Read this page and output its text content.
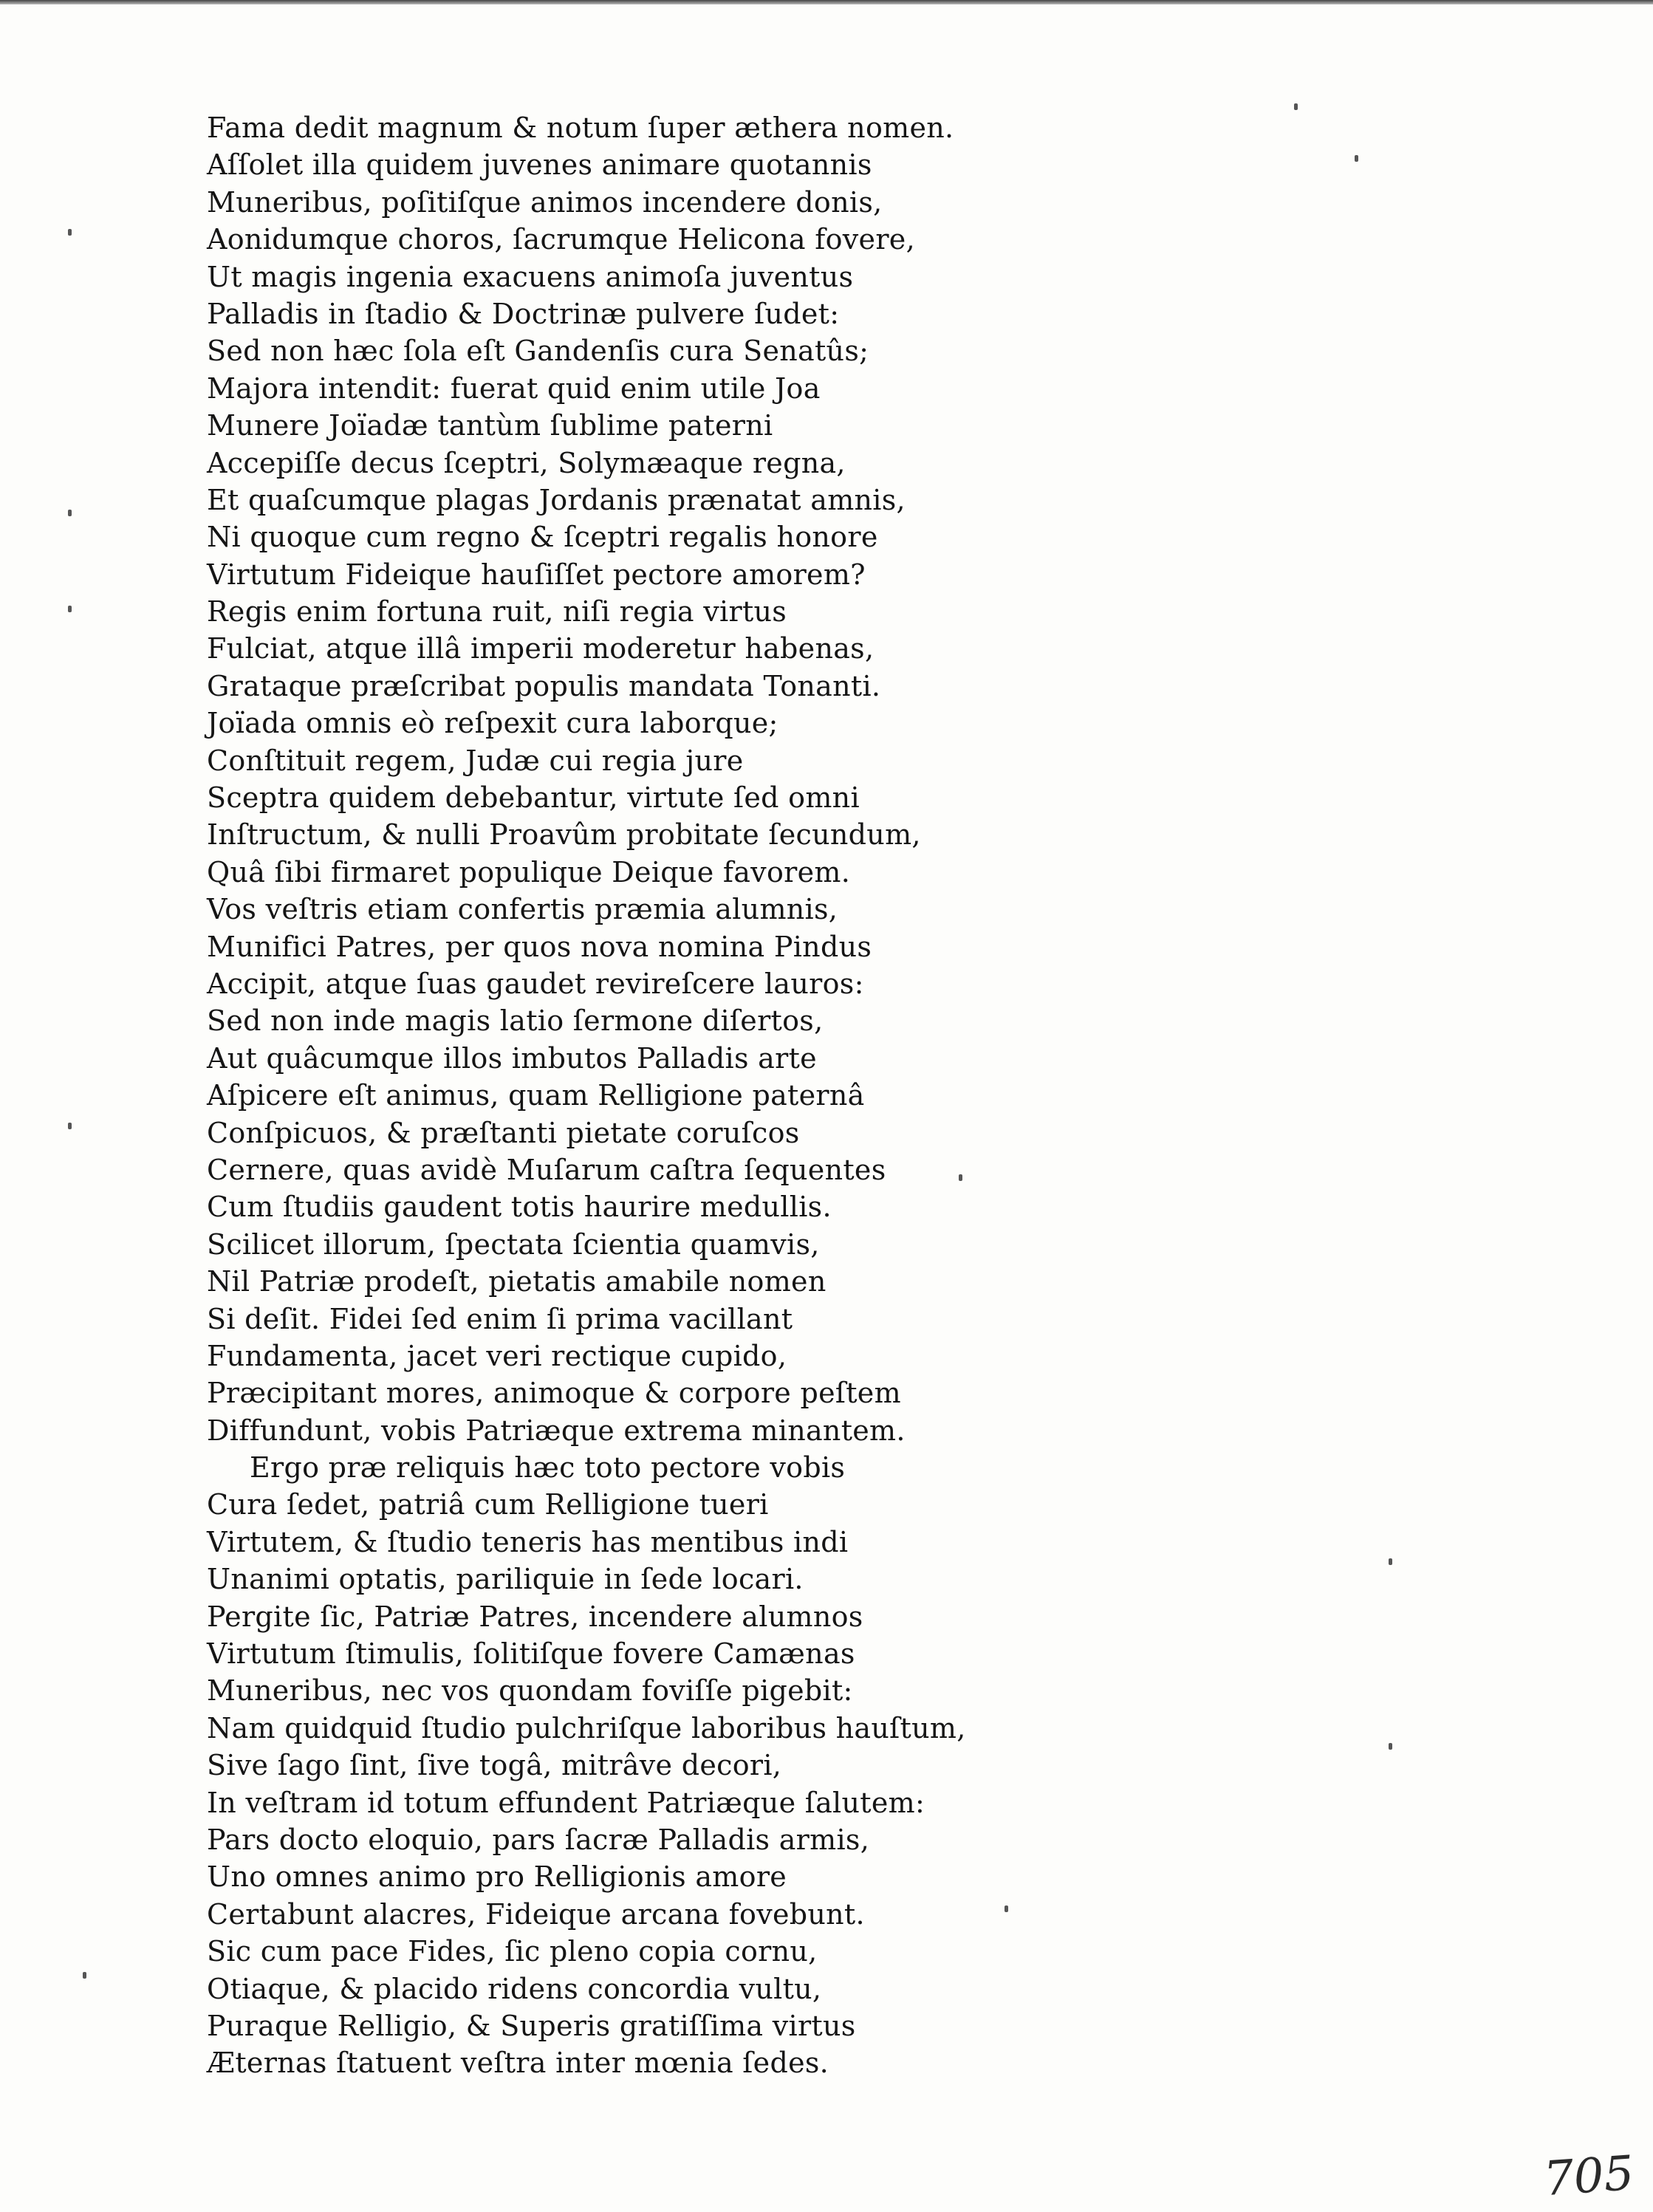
Fama dedit magnum & notum ſuper æthera nomen.
Aſſolet illa quidem juvenes animare quotannis
Muneribus, poſitiſque animos incendere donis,
Aonidumque choros, ſacrumque Helicona fovere,
Ut magis ingenia exacuens animoſa juventus
Palladis in ſtadio & Doctrinæ pulvere ſudet:
Sed non hæc ſola eſt Gandenſis cura Senatûs;
Majora intendit: fuerat quid enim utile Joa
Munere Joïadæ tantùm ſublime paterni
Accepiſſe decus ſceptri, Solymæaque regna,
Et quaſcumque plagas Jordanis prænatat amnis,
Ni quoque cum regno & ſceptri regalis honore
Virtutum Fideique hauſiſſet pectore amorem?
Regis enim fortuna ruit, niſi regia virtus
Fulciat, atque illâ imperii moderetur habenas,
Grataque præſcribat populis mandata Tonanti.
Joïada omnis eò reſpexit cura laborque;
Conſtituit regem, Judæ cui regia jure
Sceptra quidem debebantur, virtute ſed omni
Inſtructum, & nulli Proavûm probitate ſecundum,
Quâ ſibi firmaret populique Deique favorem.
Vos veſtris etiam confertis præmia alumnis,
Munifici Patres, per quos nova nomina Pindus
Accipit, atque ſuas gaudet revireſcere lauros:
Sed non inde magis latio ſermone diſertos,
Aut quâcumque illos imbutos Palladis arte
Aſpicere eſt animus, quam Relligione paternâ
Conſpicuos, & præſtanti pietate coruſcos
Cernere, quas avidè Muſarum caſtra ſequentes
Cum ſtudiis gaudent totis haurire medullis.
Scilicet illorum, ſpectata ſcientia quamvis,
Nil Patriæ prodeſt, pietatis amabile nomen
Si deſit. Fidei ſed enim ſi prima vacillant
Fundamenta, jacet veri rectique cupido,
Præcipitant mores, animoque & corpore peſtem
Diffundunt, vobis Patriæque extrema minantem.
Ergo præ reliquis hæc toto pectore vobis
Cura ſedet, patriâ cum Relligione tueri
Virtutem, & ſtudio teneris has mentibus indi
Unanimi optatis, pariliquie in ſede locari.
Pergite ſic, Patriæ Patres, incendere alumnos
Virtutum ſtimulis, ſolitiſque fovere Camænas
Muneribus, nec vos quondam foviſſe pigebit:
Nam quidquid ſtudio pulchriſque laboribus hauſtum,
Sive ſago ſint, ſive togâ, mitrâve decori,
In veſtram id totum effundent Patriæque ſalutem:
Pars docto eloquio, pars ſacræ Palladis armis,
Uno omnes animo pro Relligionis amore
Certabunt alacres, Fideique arcana fovebunt.
Sic cum pace Fides, ſic pleno copia cornu,
Otiaque, & placido ridens concordia vultu,
Puraque Relligio, & Superis gratiſſima virtus
Æternas ſtatuent veſtra inter mœnia ſedes.
705
